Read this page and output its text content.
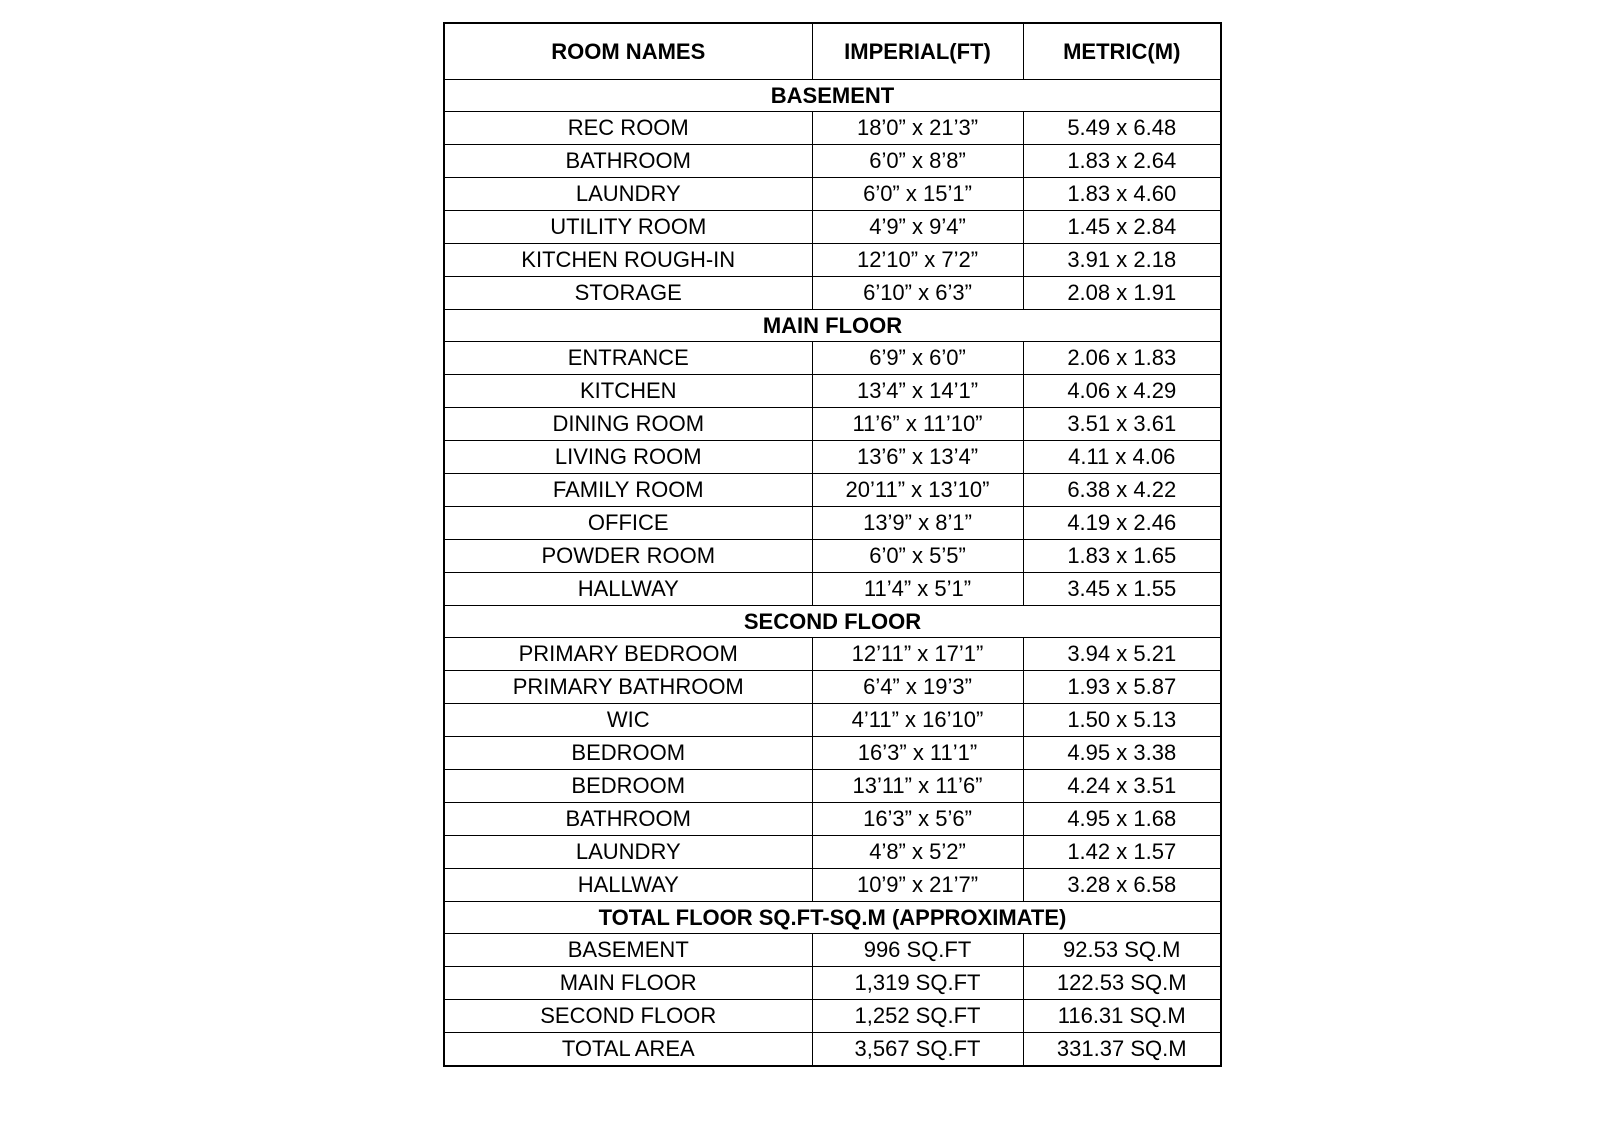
ROOM NAMES	IMPERIAL(FT)	METRIC(M)
BASEMENT		
REC ROOM	18’0” x 21’3”	5.49 x 6.48
BATHROOM	6’0” x 8’8”	1.83 x 2.64
LAUNDRY	6’0” x 15’1”	1.83 x 4.60
UTILITY ROOM	4’9” x 9’4”	1.45 x 2.84
KITCHEN ROUGH-IN	12’10” x 7’2”	3.91 x 2.18
STORAGE	6’10” x 6’3”	2.08 x 1.91
MAIN FLOOR		
ENTRANCE	6’9” x 6’0”	2.06 x 1.83
KITCHEN	13’4” x 14’1”	4.06 x 4.29
DINING ROOM	11’6” x 11’10”	3.51 x 3.61
LIVING ROOM	13’6” x 13’4”	4.11 x 4.06
FAMILY ROOM	20’11” x 13’10”	6.38 x 4.22
OFFICE	13’9” x 8’1”	4.19 x 2.46
POWDER ROOM	6’0” x 5’5”	1.83 x 1.65
HALLWAY	11’4” x 5’1”	3.45 x 1.55
SECOND FLOOR		
PRIMARY BEDROOM	12’11” x 17’1”	3.94 x 5.21
PRIMARY BATHROOM	6’4” x 19’3”	1.93 x 5.87
WIC	4’11” x 16’10”	1.50 x 5.13
BEDROOM	16’3” x 11’1”	4.95 x 3.38
BEDROOM	13’11” x 11’6”	4.24 x 3.51
BATHROOM	16’3” x 5’6”	4.95 x 1.68
LAUNDRY	4’8” x 5’2”	1.42 x 1.57
HALLWAY	10’9” x 21’7”	3.28 x 6.58
TOTAL FLOOR SQ.FT-SQ.M (APPROXIMATE)		
BASEMENT	996 SQ.FT	92.53 SQ.M
MAIN FLOOR	1,319 SQ.FT	122.53 SQ.M
SECOND FLOOR	1,252 SQ.FT	116.31 SQ.M
TOTAL AREA	3,567 SQ.FT	331.37 SQ.M
